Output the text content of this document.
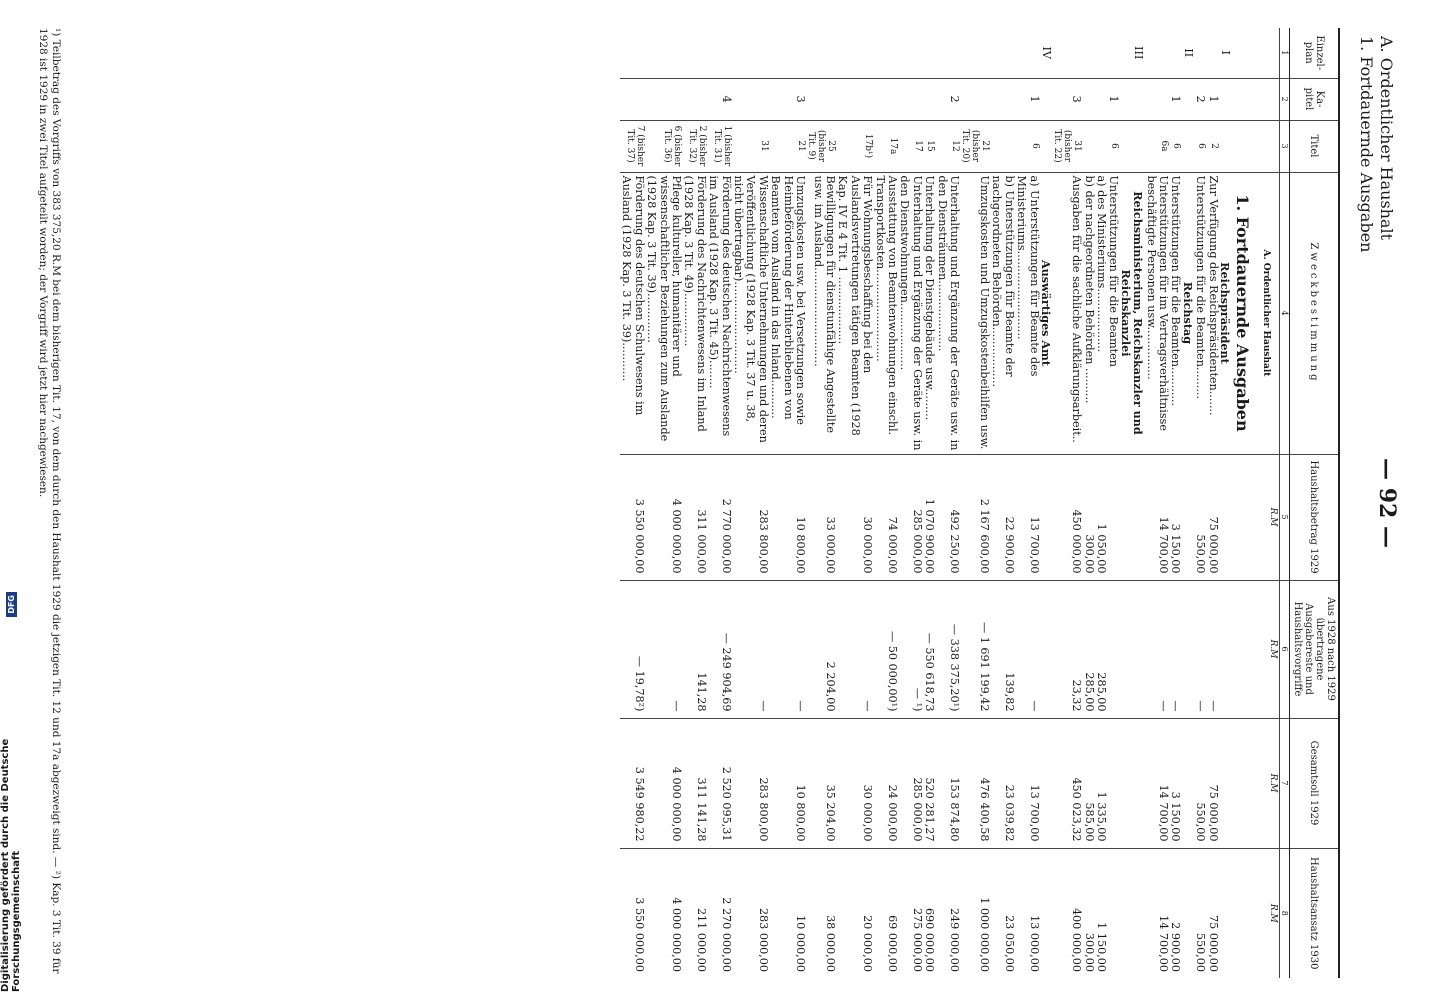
— 92 —
A. Ordentlicher Haushalt
1. Fortdauernde Ausgaben
Einzel-plan	Ka-pitel	Titel	Zweckbestimmung	Haushaltsbetrag 1929	Aus 1928 nach 1929 übertragene Ausgabereste und Haushaltsvorgriffe	Gesamtsoll 1929	Haushaltsansatz 1930
1	2	3	4	5	6	7	8
			A. Ordentlicher Haushalt	R.M	R.M	R.M	R.M
			1. Fortdauernde Ausgaben				
I			Reichspräsident				
	1	2	Zur Verfügung des Reichspräsidenten.......	75 000,00	—	75 000,00	75 000,00
	2	6	Unterstützungen für die Beamten.........	550,00	—	550,00	550,00
II			Reichstag				
	1	6	Unterstützungen für die Beamten...........	3 150,00	—	3 150,00	2 900,00
		6a	Unterstützungen für im Vertragsverhältnisse beschäftigte Personen usw...............	14 700,00	—	14 700,00	14 700,00
III			Reichsministerium, Reichskanzler und Reichskanzlei				
	1	6	Unterstützungen für die Beamten				
			a) des Ministeriums..................	1 050,00	285,00	1 335,00	1 150,00
			b) der nachgeordneten Behörden ..........	300,00	285,00	585,00	300,00
	3	31 (bisher Tit. 22)	Ausgaben für die sachliche Aufklärungsarbeit..	450 000,00	23,32	450 023,32	400 000,00
IV			Auswärtiges Amt				
	1	6	a) Unterstützungen für Beamte des Ministeriums.........................	13 700,00	—	13 700,00	13 000,00
			b) Unterstützungen für Beamte der nachgeordneten Behörden.................	22 900,00	139,82	23 039,82	23 050,00
		21 (bisher Tit. 20)	Umzugskosten und Umzugskostenbeihilfen usw.	2 167 600,00	— 1 691 199,42	476 400,58	1 000 000,00
	2	12	Unterhaltung und Ergänzung der Geräte usw. in den Diensträumen....................	492 250,00	— 338 375,20¹)	153 874,80	249 000,00
		15	Unterhaltung der Dienstgebäude usw.........	1 070 900,00	— 550 618,73	520 281,27	690 000,00
		17	Unterhaltung und Ergänzung der Geräte usw. in den Dienstwohnungen...................	285 000,00	— ¹)	285 000,00	275 000,00
		17a	Ausstattung von Beamtenwohnungen einschl. Transportkosten..........................	74 000,00	— 50 000,00¹)	24 000,00	69 000,00
		17b¹)	Für Wohnungsbeschaffung bei den Auslandsvertretungen tätigen Beamten (1928 Kap. IV E 4 Tit. 1 ...................	30 000,00	—	30 000,00	20 000,00
		25 (bisher Tit. 9)	Bewilligungen für dienstunfähige Angestellte usw. im Ausland............................	33 000,00	2 204,00	35 204,00	38 000,00
	3	21	Umzugskosten usw. bei Versetzungen sowie Heimbeförderung der Hinterbliebenen von Beamten vom Ausland in das Inland...........	10 800,00	—	10 800,00	10 000,00
		31	Wissenschaftliche Unternehmungen und deren Veröffentlichung (1928 Kap. 3 Tit. 37 u. 38, nicht übertragbar)..........................	283 800,00	—	283 800,00	283 000,00
	4	1 (bisher Tit. 31)	Förderung des deutschen Nachrichtenwesens im Ausland (1928 Kap. 3 Tit. 45)........	2 770 000,00	— 249 904,69	2 520 095,31	2 270 000,00
		2 (bisher Tit. 32)	Förderung des Nachrichtenwesens im Inland (1928 Kap. 3 Tit. 49)...............	311 000,00	141,28	311 141,28	211 000,00
		6 (bisher Tit. 36)	Pflege kultureller, humanitärer und wissenschaftlicher Beziehungen zum Auslande (1928 Kap. 3 Tit. 39)..............	4 000 000,00	—	4 000 000,00	4 000 000,00
		7 (bisher Tit. 37)	Förderung des deutschen Schulwesens im Ausland (1928 Kap. 3 Tit. 39)...........	3 550 000,00	— 19,78²)	3 549 980,22	3 550 000,00
¹) Teilbetrag des Vorgriffs von 383 375,20 R.M bei dem bisherigen Tit. 17, von dem durch den Haushalt 1929 die jetzigen Tit. 12 und 17a abgezweigt sind. — ²) Kap. 3 Tit. 39 für 1928 ist 1929 in zwei Titel aufgeteilt worden; der Vorgriff wird jetzt hier nachgewiesen.
Digitalisierung gefördert durch die Deutsche Forschungsgemeinschaft
DFG
